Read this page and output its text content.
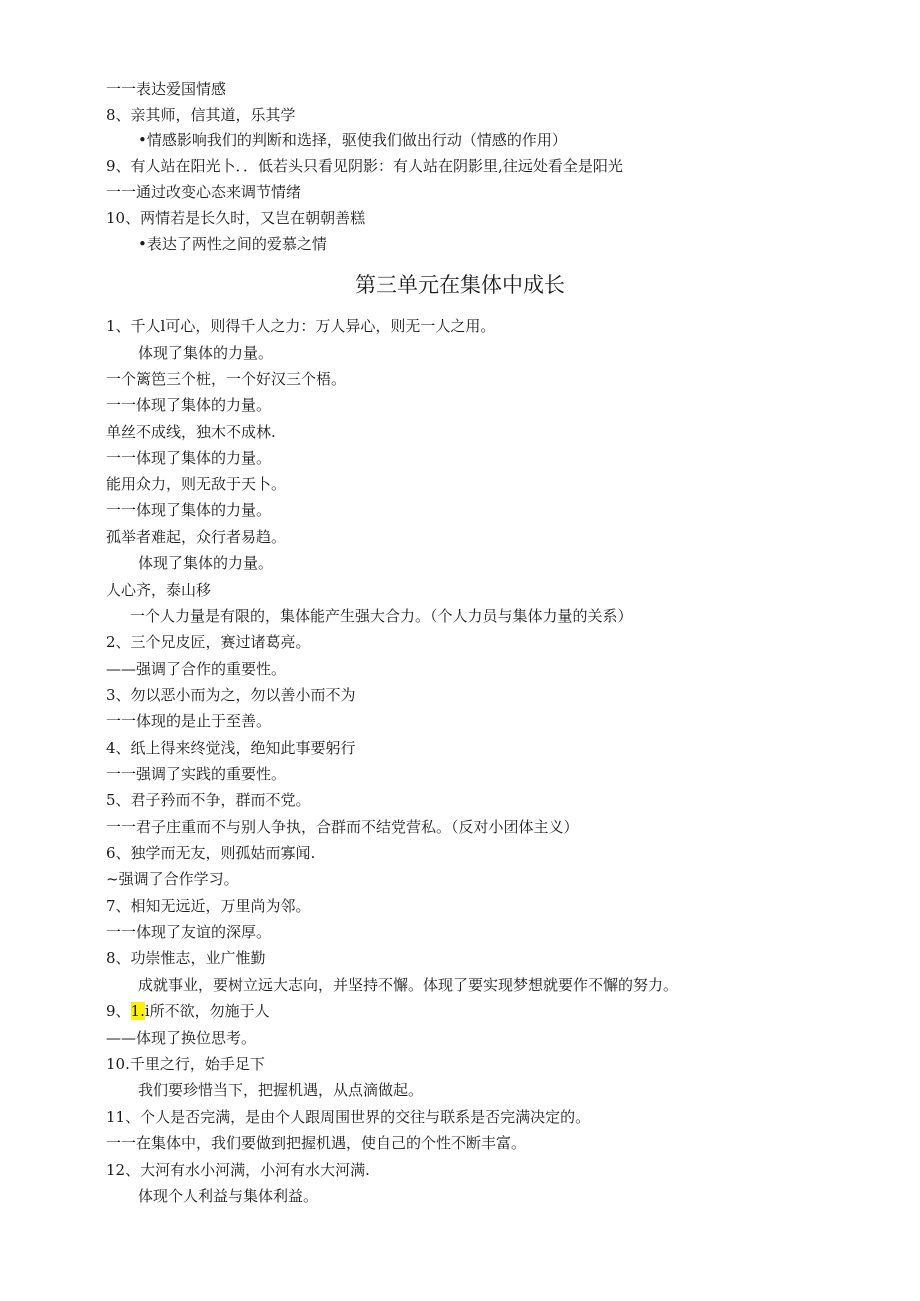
一一表达爱国情感
8、亲其师，信其道，乐其学
•情感影响我们的判断和选择，驱使我们做出行动（情感的作用）
9、有人站在阳光卜．．低若头只看见阴影：有人站在阴影里,往远处看全是阳光
一一通过改变心态来调节情绪
10、两情若是长久时，又岂在朝朝善糕
•表达了两性之间的爱慕之情
第三单元在集体中成长
1、千人l可心，则得千人之力：万人异心，则无一人之用。
体现了集体的力量。
一个篱笆三个桩，一个好汉三个梧。
一一体现了集体的力量。
单丝不成线，独木不成林.
一一体现了集体的力量。
能用众力，则无敌于天卜。
一一体现了集体的力量。
孤举者难起，众行者易趋。
体现了集体的力量。
人心齐，泰山移
一个人力量是有限的，集体能产生强大合力。（个人力员与集体力量的关系）
2、三个兄皮匠，赛过诸葛亮。
——强调了合作的重要性。
3、勿以恶小而为之，勿以善小而不为
一一体现的是止于至善。
4、纸上得来终觉浅，绝知此事要躬行
一一强调了实践的重要性。
5、君子矜而不争，群而不党。
一一君子庄重而不与别人争执，合群而不结党营私。（反对小团体主义）
6、独学而无友，则孤姑而寡闻.
~强调了合作学习。
7、相知无远近，万里尚为邻。
一一体现了友谊的深厚。
8、功崇惟志，业广惟勤
成就事业，要树立远大志向，并坚持不懈。体现了要实现梦想就要作不懈的努力。
9、1.i所不欲，勿施于人
——体现了换位思考。
10.千里之行，始手足下
我们要珍惜当下，把握机遇，从点滴做起。
11、个人是否完满，是由个人跟周围世界的交往与联系是否完满决定的。
一一在集体中，我们要做到把握机遇，使自己的个性不断丰富。
12、大河有水小河满，小河有水大河满.
体现个人利益与集体利益。
